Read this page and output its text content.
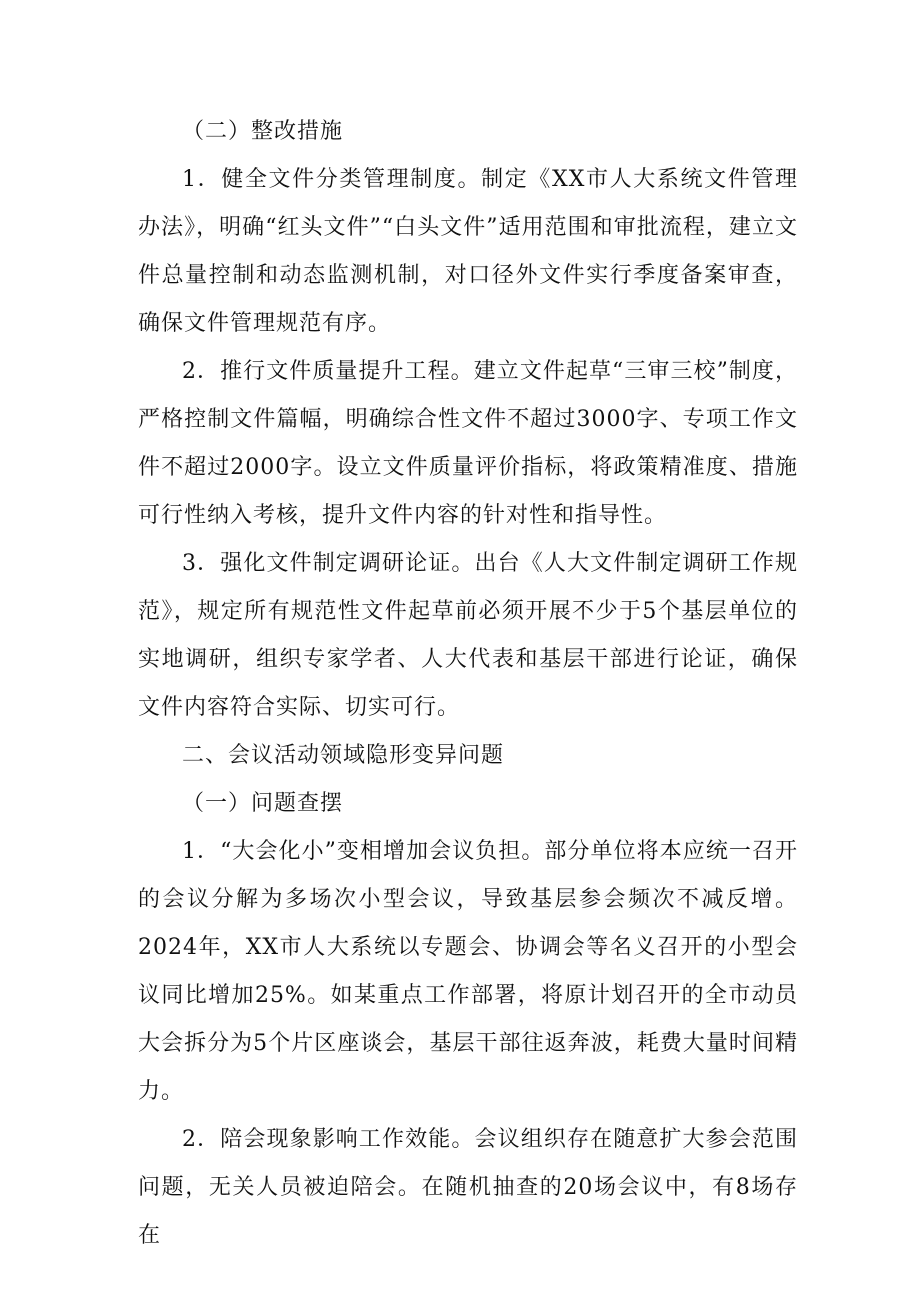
（二）整改措施

1．健全文件分类管理制度。制定《XX市人大系统文件管理办法》，明确“红头文件”“白头文件”适用范围和审批流程，建立文件总量控制和动态监测机制，对口径外文件实行季度备案审查，确保文件管理规范有序。

2．推行文件质量提升工程。建立文件起草“三审三校”制度，严格控制文件篇幅，明确综合性文件不超过3000字、专项工作文件不超过2000字。设立文件质量评价指标，将政策精准度、措施可行性纳入考核，提升文件内容的针对性和指导性。

3．强化文件制定调研论证。出台《人大文件制定调研工作规范》，规定所有规范性文件起草前必须开展不少于5个基层单位的实地调研，组织专家学者、人大代表和基层干部进行论证，确保文件内容符合实际、切实可行。

二、会议活动领域隐形变异问题

（一）问题查摆

1．“大会化小”变相增加会议负担。部分单位将本应统一召开的会议分解为多场次小型会议，导致基层参会频次不减反增。2024年，XX市人大系统以专题会、协调会等名义召开的小型会议同比增加25%。如某重点工作部署，将原计划召开的全市动员大会拆分为5个片区座谈会，基层干部往返奔波，耗费大量时间精力。

2．陪会现象影响工作效能。会议组织存在随意扩大参会范围问题，无关人员被迫陪会。在随机抽查的20场会议中，有8场存在
